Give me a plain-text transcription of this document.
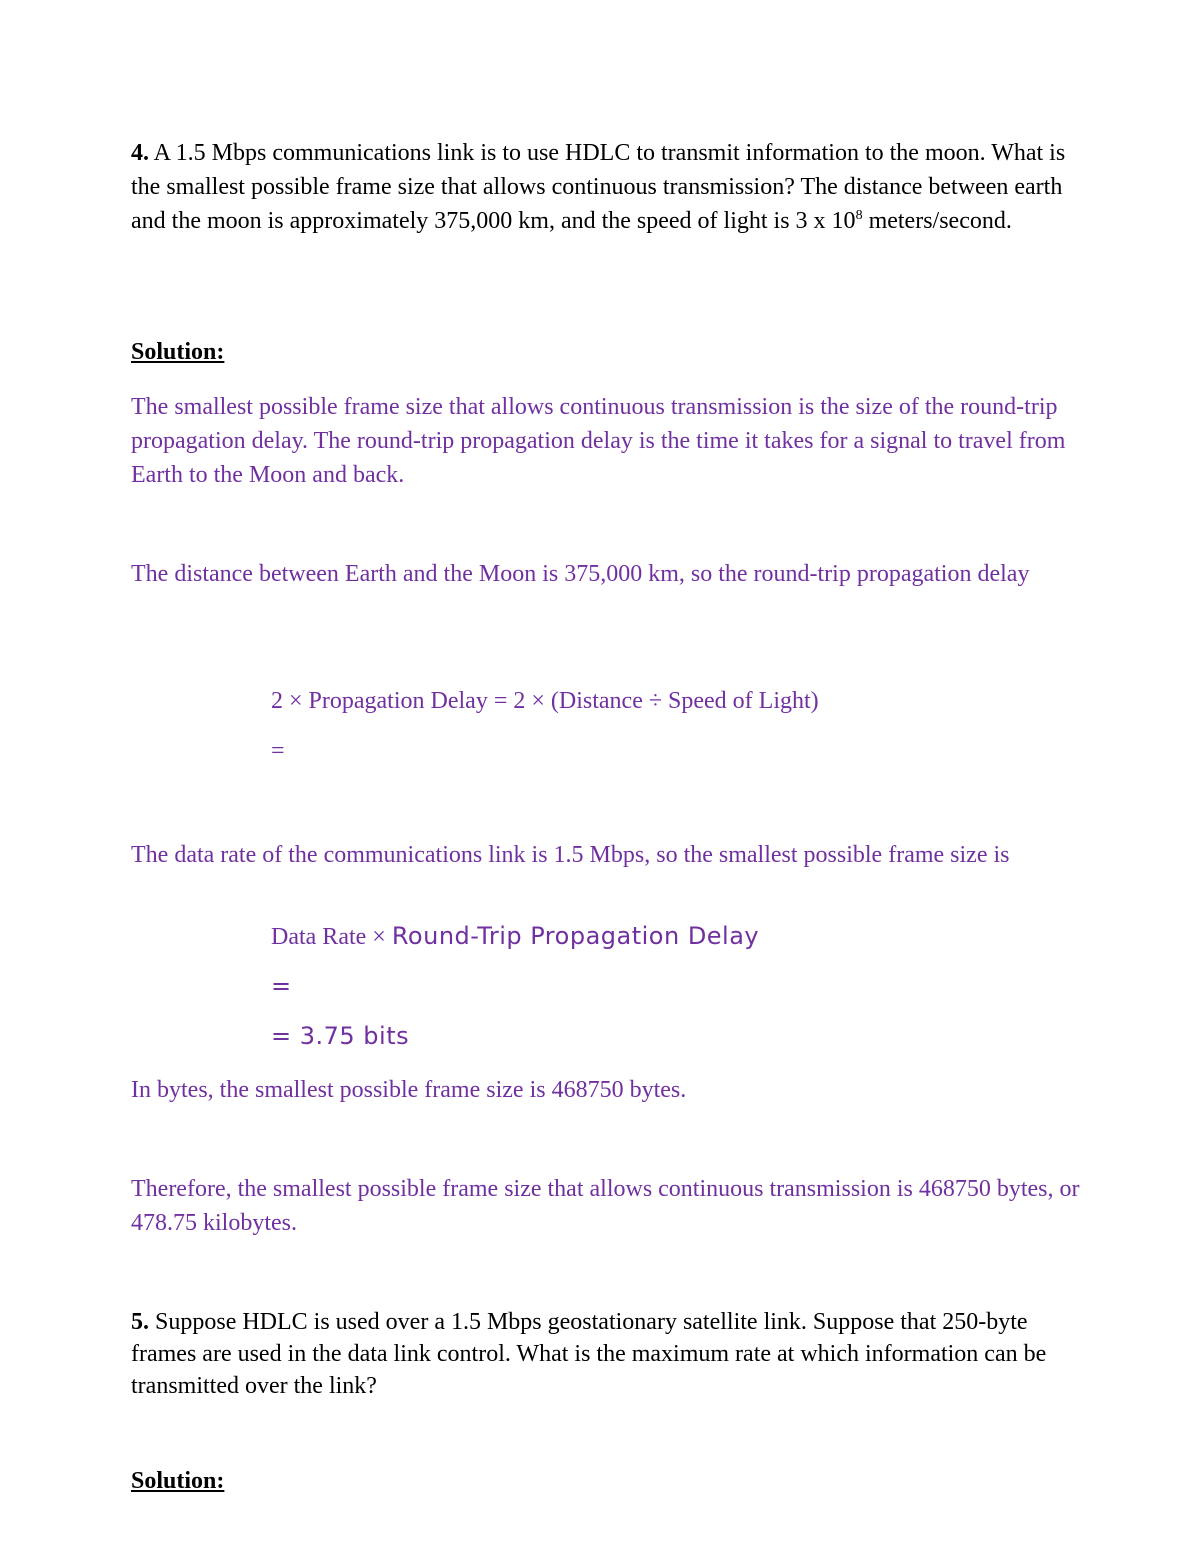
4. A 1.5 Mbps communications link is to use HDLC to transmit information to the moon. What is the smallest possible frame size that allows continuous transmission? The distance between earth and the moon is approximately 375,000 km, and the speed of light is 3 x $10^8$ meters/second.

Solution:

The smallest possible frame size that allows continuous transmission is the size of the round-trip propagation delay. The round-trip propagation delay is the time it takes for a signal to travel from Earth to the Moon and back.

The distance between Earth and the Moon is 375,000 km, so the round-trip propagation delay

2 × Propagation Delay = 2 × (Distance ÷ Speed of Light)

=

The data rate of the communications link is 1.5 Mbps, so the smallest possible frame size is

Data Rate × Round-Trip Propagation Delay

=

= 3.75 bits

In bytes, the smallest possible frame size is 468750 bytes.

Therefore, the smallest possible frame size that allows continuous transmission is 468750 bytes, or 478.75 kilobytes.

5. Suppose HDLC is used over a 1.5 Mbps geostationary satellite link. Suppose that 250-byte frames are used in the data link control. What is the maximum rate at which information can be transmitted over the link?

Solution:
